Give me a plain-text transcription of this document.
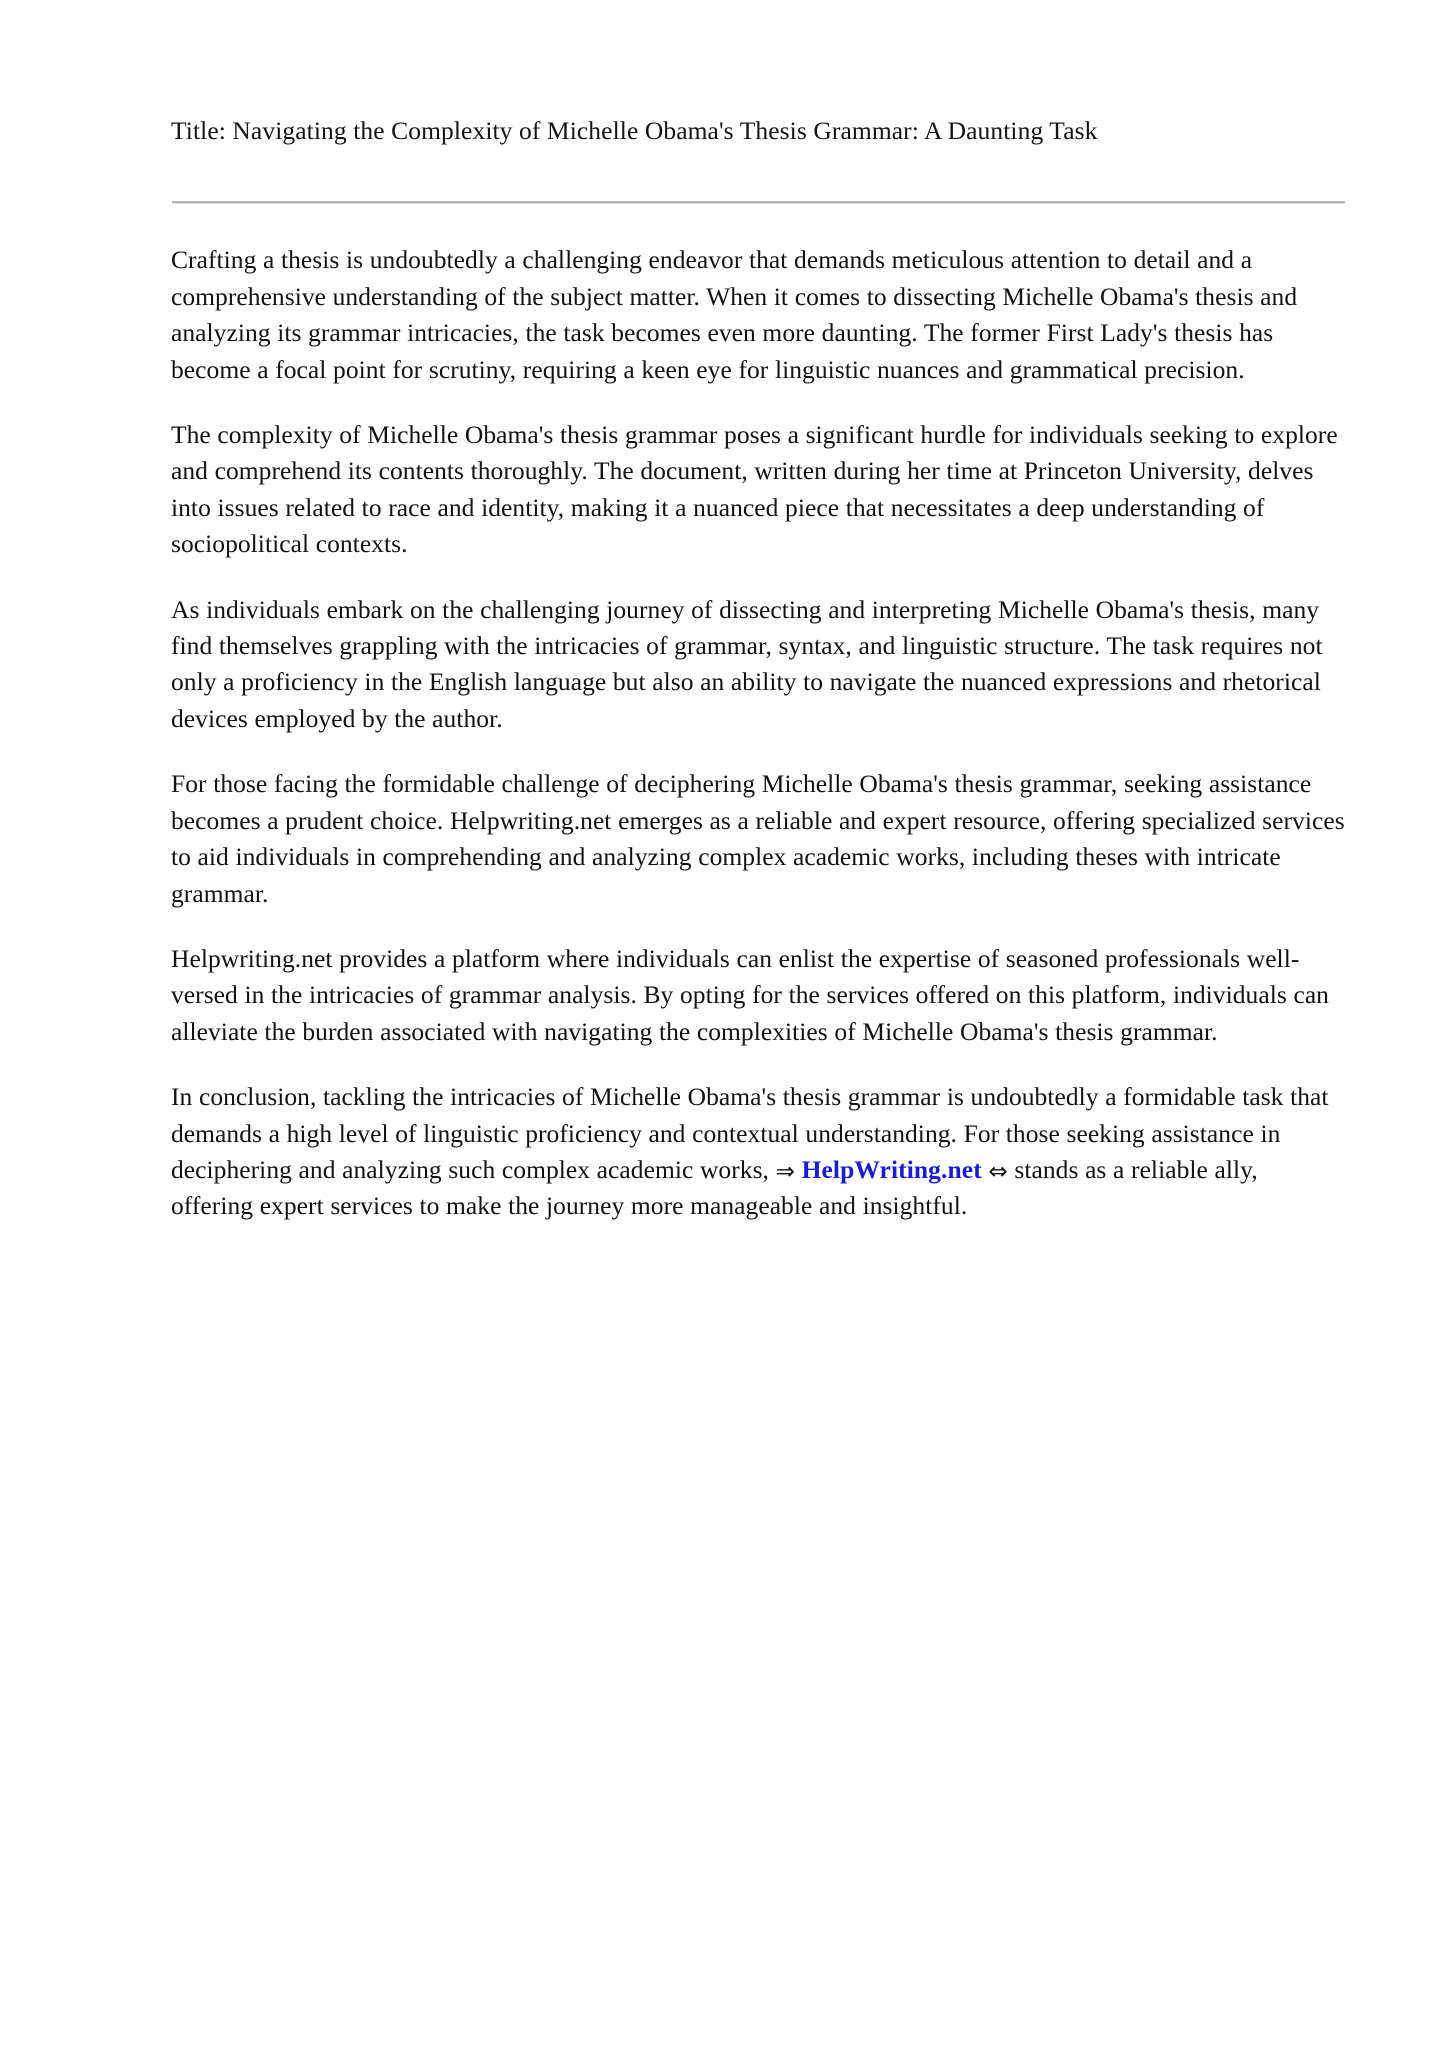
Title: Navigating the Complexity of Michelle Obama's Thesis Grammar: A Daunting Task

Crafting a thesis is undoubtedly a challenging endeavor that demands meticulous attention to detail and a comprehensive understanding of the subject matter. When it comes to dissecting Michelle Obama's thesis and analyzing its grammar intricacies, the task becomes even more daunting. The former First Lady's thesis has become a focal point for scrutiny, requiring a keen eye for linguistic nuances and grammatical precision.

The complexity of Michelle Obama's thesis grammar poses a significant hurdle for individuals seeking to explore and comprehend its contents thoroughly. The document, written during her time at Princeton University, delves into issues related to race and identity, making it a nuanced piece that necessitates a deep understanding of sociopolitical contexts.

As individuals embark on the challenging journey of dissecting and interpreting Michelle Obama's thesis, many find themselves grappling with the intricacies of grammar, syntax, and linguistic structure. The task requires not only a proficiency in the English language but also an ability to navigate the nuanced expressions and rhetorical devices employed by the author.

For those facing the formidable challenge of deciphering Michelle Obama's thesis grammar, seeking assistance becomes a prudent choice. Helpwriting.net emerges as a reliable and expert resource, offering specialized services to aid individuals in comprehending and analyzing complex academic works, including theses with intricate grammar.

Helpwriting.net provides a platform where individuals can enlist the expertise of seasoned professionals well-versed in the intricacies of grammar analysis. By opting for the services offered on this platform, individuals can alleviate the burden associated with navigating the complexities of Michelle Obama's thesis grammar.

In conclusion, tackling the intricacies of Michelle Obama's thesis grammar is undoubtedly a formidable task that demands a high level of linguistic proficiency and contextual understanding. For those seeking assistance in deciphering and analyzing such complex academic works, ⇒ HelpWriting.net ⇔ stands as a reliable ally, offering expert services to make the journey more manageable and insightful.
